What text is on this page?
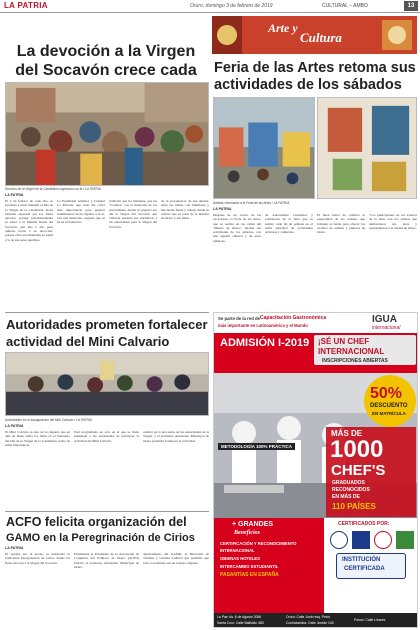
LA PATRIA	Oruro, domingo 3 de febrero de 2019	CULTURAL – AMBO	13
La devoción a la Virgen
del Socavón crece cada
Devotos de la Virgen de la Candelaria ingresaron su fe / LA PATRIA
LA PATRIA
El 2 de febrero de cada año, se recuerda a nivel mundial el Día de la Virgen de la Candelaria, fecha bastante esperada por los fieles devotos, porque prioritariamente se adoró a la Mamita Reina del Socavón, que año a año pasa quinces horas a su devoción, porque ellos encomiendan su salud y la de sus seres queridos.
La Festividad Artística y Cultural La Patrona, que cada día cobra más importancia para generar sentimientos de los ligados a la fe, con una intención, sagrada que se ha en el Santuario.
tradición que los mantiene, que las "Cosmos" con la intención de los Autoridades, donde se preparó ese día la Virgen del Socavón que vivieron anuncia sus iniciativas a las autoridades para la Virgen del Socavón.
de la procedencia de sus danzas, entre las tribus, con familiares y han hecho fiesta y trabajo desde su cultura que es parte de la historia de Oruro y sus fieles.
Arte y
Cultura
Feria de las Artes retoma sus
actividades de los sábados
Artistas retornaron a la Feria de las Artes / LA PATRIA
LA PATRIA
Después de un receso de las vacaciones, la Feria de las Artes, que se realiza en las calles del "Museo de Oruro", retoma sus actividades de los sábados, con una agenda cultural y de artes plásticas.
de Autoridades Culturales y pobladores de la feria que se realiza cada fin de semana en el salón principal de actividades artísticas y culturales.
El buen inicio ha cubierto la expectativa de los artistas, que trabajan en ferias para ofrecer los cuadros de artistas y pintores de Oruro.
"Los participantes en los eventos de la feria, son los artistas que demostraron sus artes y representaron a la ciudad de Oruro.
Autoridades prometen fortalecer
actividad del Mini Calvario
Autoridades en la inauguración del Mini Calvario / LA PATRIA
LA PATRIA
El Mini Calvario es uno de los lugares que en días de fiesta visita los fieles en el Santuario del Día de la Virgen de la Candelaria, fecha de suma importancia.
Está programado un acto en el que se rinde homenaje a las autoridades de fortalecer la actividad del Mini Calvario.
celebró en la procesión de las Autoridades de la Virgen, y el Gobierno Autónomo Municipal de Oruro prometió fortalecer la actividad.
ACFO felicita organización del
GAMO en la Peregrinación de Cirios
LA PATRIA
El viernes por la noche, se desarrolló la tradicional Peregrinación de Cirios, donde los fieles devotos a la Virgen del Socavón.
Finalmente el Presidente de la Asociación de Conjuntos del Folklore de Oruro (ACFO) felicitó al Gobierno Autónomo Municipal de Oruro.
departamento del GAMO, la Dirección de Turismo y Gestión Cultural que permitió que todo lo realizado sea un trabajo conjunto.
Se parte de la red de Capacitación Gastronómica
más importante en Latinoamérica y el Mundo
IGUA
internacional
ADMISIÓN I-2019 ¡SÉ UN CHEF
INTERNACIONAL
INSCRIPCIONES ABIERTAS
50%
DESCUENTO
EN MATRÍCULA
METODOLOGÍA 100% PRÁCTICA
MÁS DE
1000
CHEF'S
GRADUADOS
RECONOCIDOS
EN MÁS DE
110 PAÍSES
+ GRANDES
Beneficios
CERTIFICACIÓN Y RECONOCIMIENTO
INTERNACIONAL
OBIENAS HOTELES
INTERCAMBIO ESTUDIANTIL
PASANTÍAS EN ESPAÑA
CERTIFICADOS POR:
INSTITUCIÓN
CERTIFICADA
La Paz: Av. 6 de Agosto 2066
Santa Cruz: Calle Ballivián 480
Oruro: Calle Junín esq. Petot
Cochabamba: Calle Jordán 140
Potosí: Calle Linares
